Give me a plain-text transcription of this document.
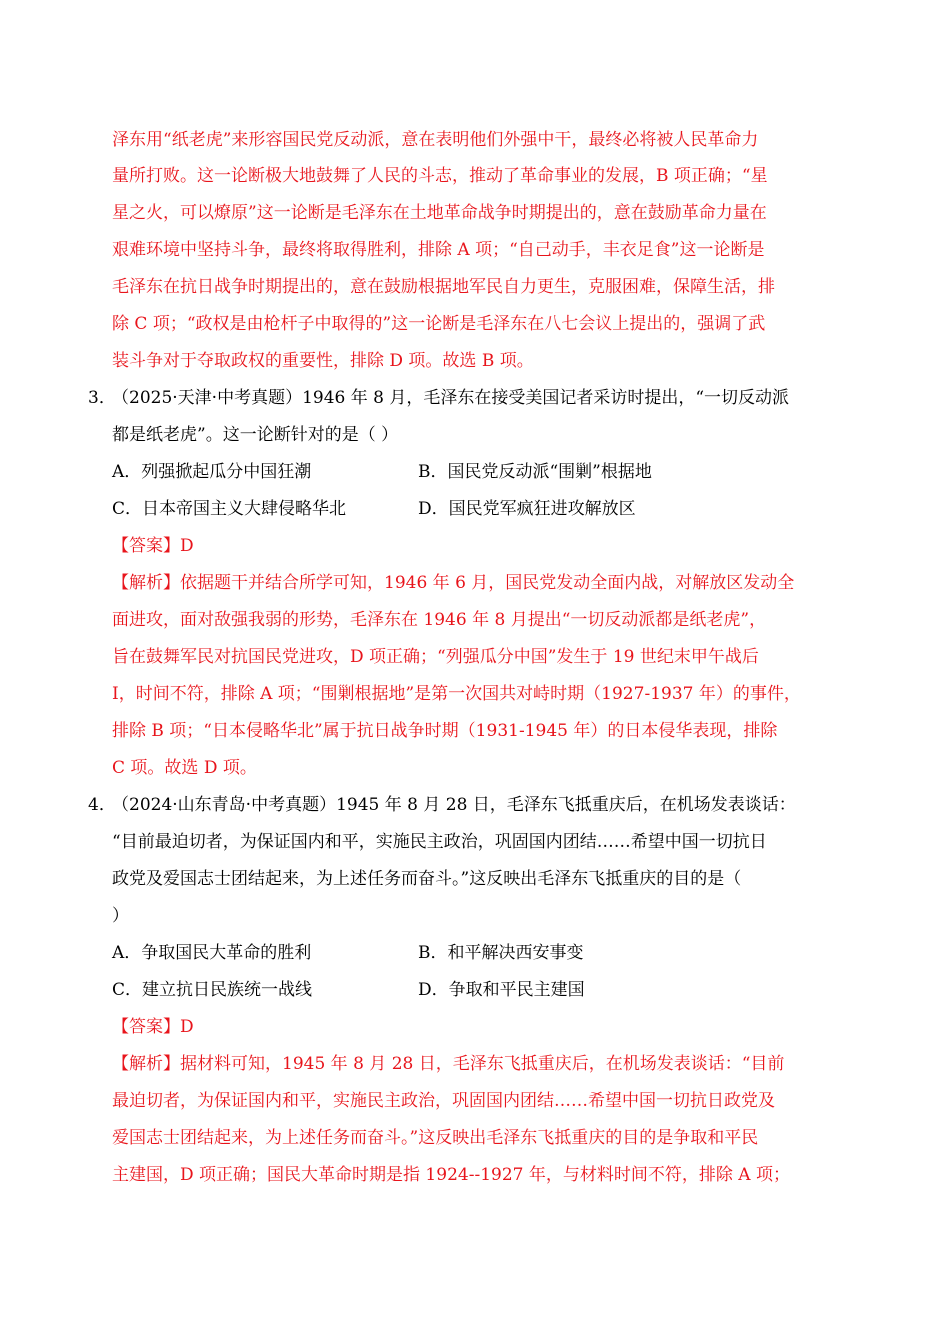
泽东用“纸老虎”来形容国民党反动派，意在表明他们外强中干，最终必将被人民革命力
量所打败。这一论断极大地鼓舞了人民的斗志，推动了革命事业的发展，B 项正确；“星
星之火，可以燎原”这一论断是毛泽东在土地革命战争时期提出的，意在鼓励革命力量在
艰难环境中坚持斗争，最终将取得胜利，排除 A 项；“自己动手，丰衣足食”这一论断是
毛泽东在抗日战争时期提出的，意在鼓励根据地军民自力更生，克服困难，保障生活，排
除 C 项；“政权是由枪杆子中取得的”这一论断是毛泽东在八七会议上提出的，强调了武
装斗争对于夺取政权的重要性，排除 D 项。故选 B 项。
3．
（2025·天津·中考真题）1946 年 8 月，毛泽东在接受美国记者采访时提出，“一切反动派
都是纸老虎”。这一论断针对的是（ ）
A．列强掀起瓜分中国狂潮	B．国民党反动派“围剿”根据地
C．日本帝国主义大肆侵略华北	D．国民党军疯狂进攻解放区
【答案】D
【解析】依据题干并结合所学可知，1946 年 6 月，国民党发动全面内战，对解放区发动全
面进攻，面对敌强我弱的形势，毛泽东在 1946 年 8 月提出“一切反动派都是纸老虎”，
旨在鼓舞军民对抗国民党进攻，D 项正确；“列强瓜分中国”发生于 19 世纪末甲午战后
I，时间不符，排除 A 项；“围剿根据地”是第一次国共对峙时期（1927-1937 年）的事件，
排除 B 项；“日本侵略华北”属于抗日战争时期（1931-1945 年）的日本侵华表现，排除
C 项。故选 D 项。
4．
（2024·山东青岛·中考真题）1945 年 8 月 28 日，毛泽东飞抵重庆后，在机场发表谈话：
“目前最迫切者，为保证国内和平，实施民主政治，巩固国内团结……希望中国一切抗日
政党及爱国志士团结起来，为上述任务而奋斗。”这反映出毛泽东飞抵重庆的目的是（
）
A．争取国民大革命的胜利	B．和平解决西安事变
C．建立抗日民族统一战线	D．争取和平民主建国
【答案】D
【解析】据材料可知，1945 年 8 月 28 日，毛泽东飞抵重庆后，在机场发表谈话：“目前
最迫切者，为保证国内和平，实施民主政治，巩固国内团结……希望中国一切抗日政党及
爱国志士团结起来，为上述任务而奋斗。”这反映出毛泽东飞抵重庆的目的是争取和平民
主建国，D 项正确；国民大革命时期是指 1924--1927 年，与材料时间不符，排除 A 项；
